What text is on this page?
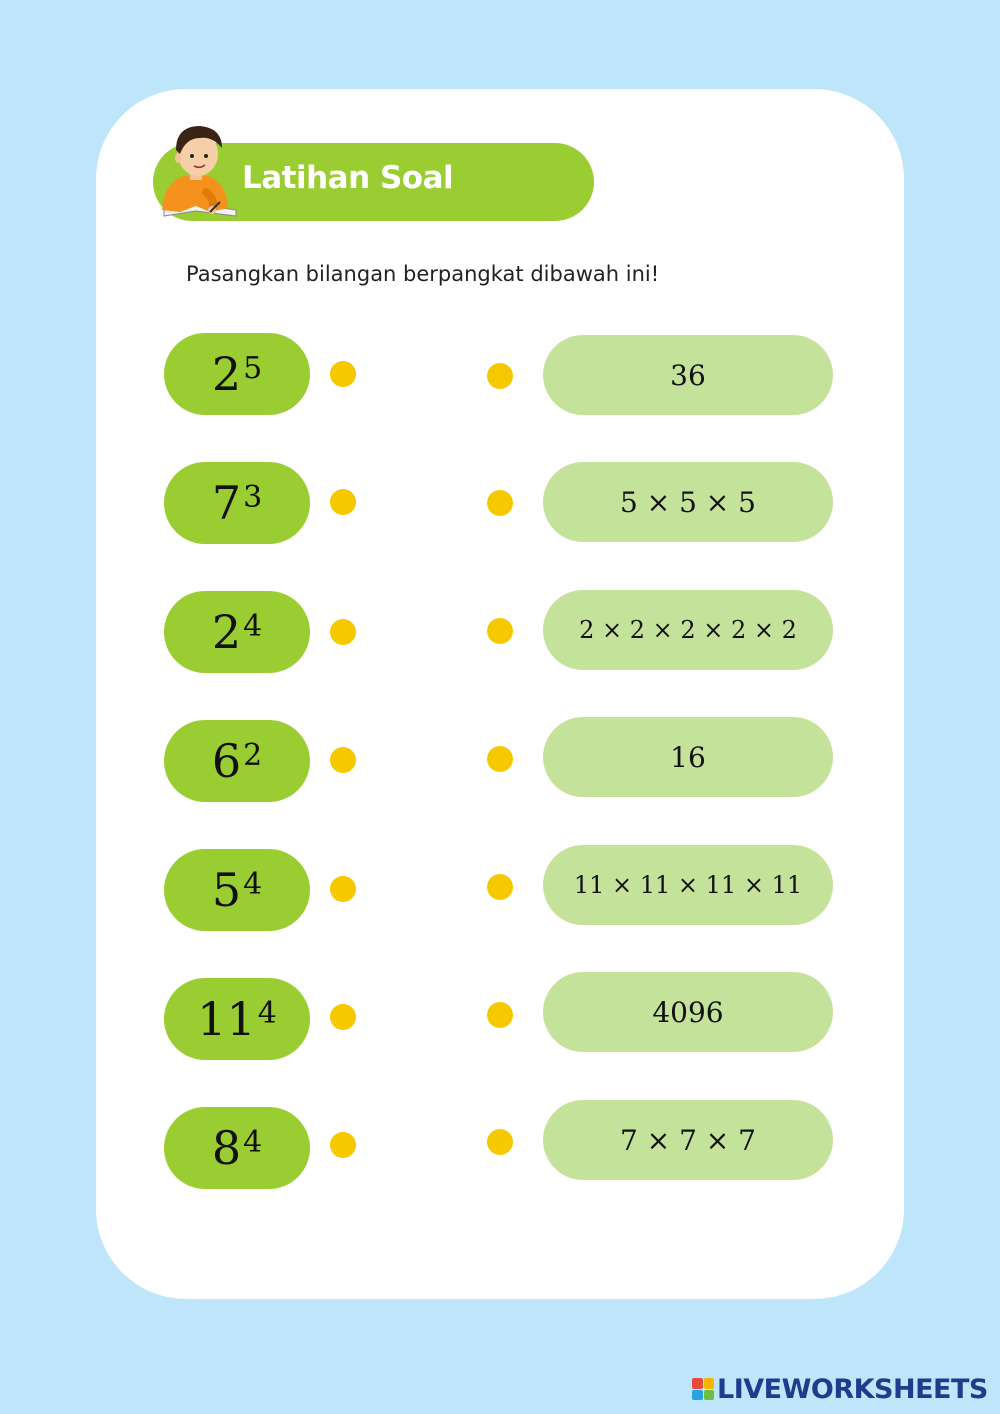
Latihan Soal
Pasangkan bilangan berpangkat dibawah ini!
$2^5$
$7^3$
$2^4$
$6^2$
$5^4$
$11^4$
$8^4$
36
5 × 5 × 5
2 × 2 × 2 × 2 × 2
16
11 × 11 × 11 × 11
4096
7 × 7 × 7
LIVEWORKSHEETS
